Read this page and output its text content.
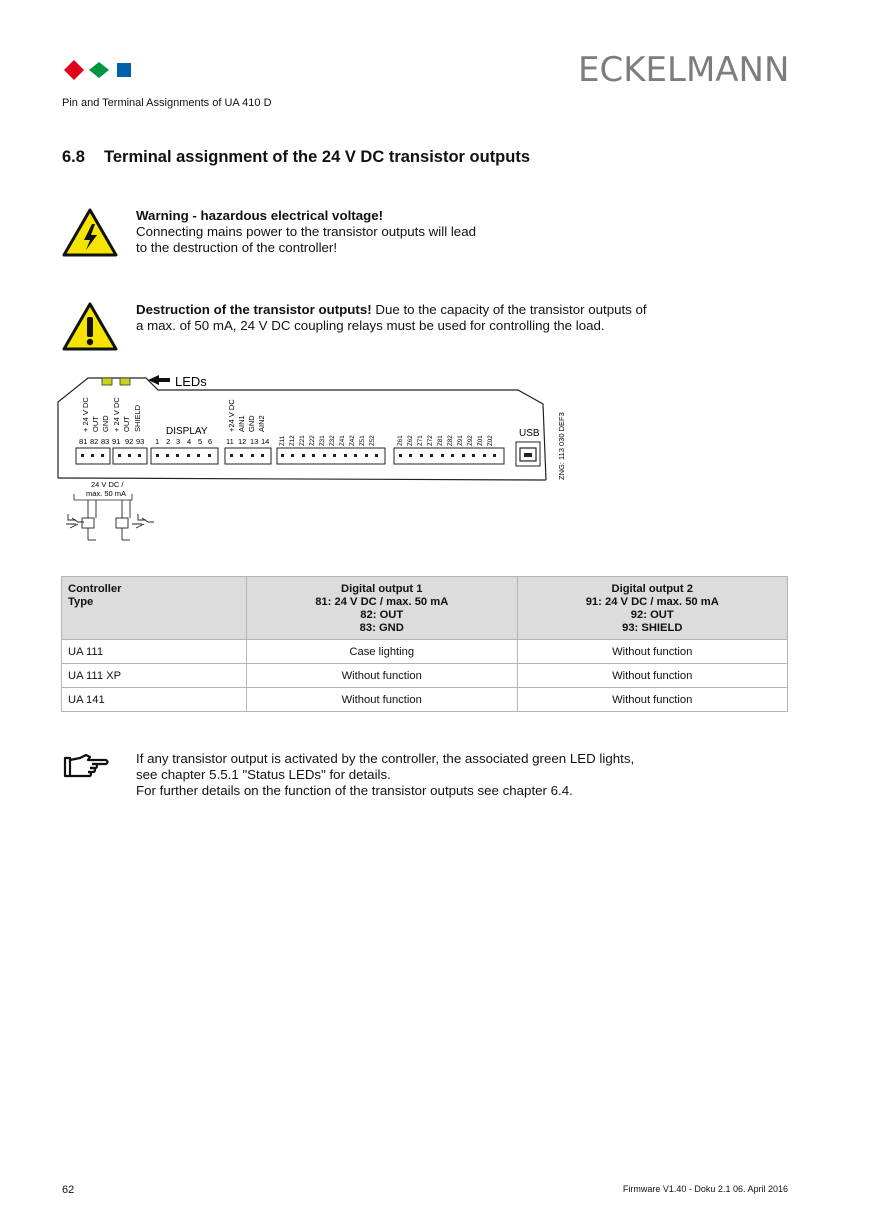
ECKELMANN
Pin and Terminal Assignments of UA 410 D
6.8 Terminal assignment of the 24 V DC transistor outputs
Warning - hazardous electrical voltage!
Connecting mains power to the transistor outputs will lead
to the destruction of the controller!
Destruction of the transistor outputs! Due to the capacity of the transistor outputs of
a max. of 50 mA, 24 V DC coupling relays must be used for controlling the load.
LEDs
+ 24 V DC OUT GND + 24 V DC OUT SHIELD
81 82 83 91 92 93
DISPLAY
1 2 3 4 5 6
+24 V DC AIN1 GND AIN2
11 12 13 14 Z11 Z12 Z21 Z22 Z31 Z32 Z41 Z42 Z51 Z52	Z61 Z62 Z71 Z72 Z81 Z82 Z91 Z92 Z01 Z02
USB ZNG: 113 030 DEF3
24 V DC /
max. 50 mA
Controller
Type	Digital output 1
81: 24 V DC / max. 50 mA
82: OUT
83: GND	Digital output 2
91: 24 V DC / max. 50 mA
92: OUT
93: SHIELD

UA 111	Case lighting	Without function
UA 111 XP	Without function	Without function
UA 141	Without function	Without function
If any transistor output is activated by the controller, the associated green LED lights,
see chapter 5.5.1 "Status LEDs" for details.
For further details on the function of the transistor outputs see chapter 6.4.
62	Firmware V1.40 - Doku 2.1 06. April 2016
